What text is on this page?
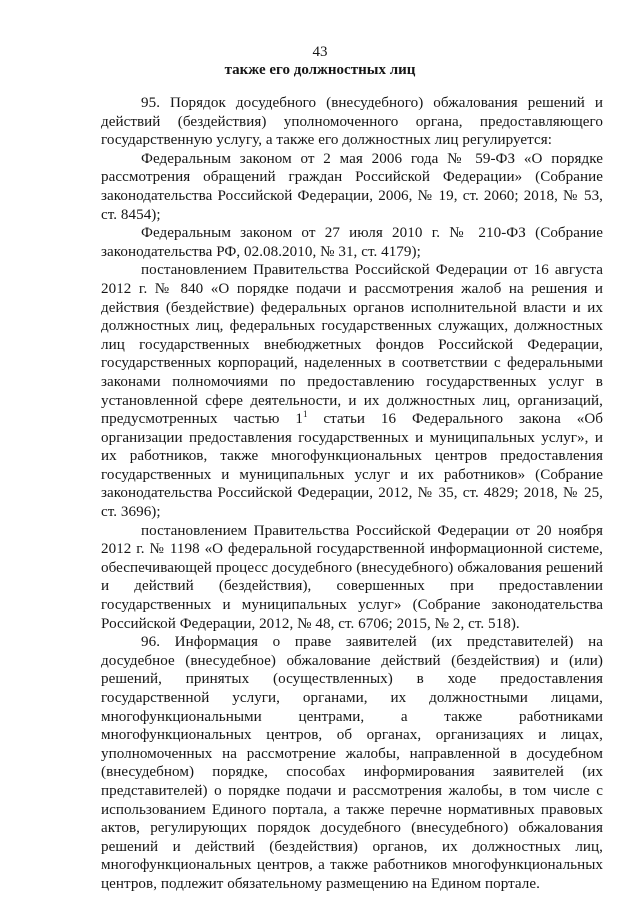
43
также его должностных лиц

95. Порядок досудебного (внесудебного) обжалования решений и действий (бездействия) уполномоченного органа, предоставляющего государственную услугу, а также его должностных лиц регулируется:

Федеральным законом от 2 мая 2006 года № 59-ФЗ «О порядке рассмотрения обращений граждан Российской Федерации» (Собрание законодательства Российской Федерации, 2006, № 19, ст. 2060; 2018, № 53, ст. 8454);

Федеральным законом от 27 июля 2010 г. № 210-ФЗ (Собрание законодательства РФ, 02.08.2010, № 31, ст. 4179);

постановлением Правительства Российской Федерации от 16 августа 2012 г. № 840 «О порядке подачи и рассмотрения жалоб на решения и действия (бездействие) федеральных органов исполнительной власти и их должностных лиц, федеральных государственных служащих, должностных лиц государственных внебюджетных фондов Российской Федерации, государственных корпораций, наделенных в соответствии с федеральными законами полномочиями по предоставлению государственных услуг в установленной сфере деятельности, и их должностных лиц, организаций, предусмотренных частью $1^1$ статьи 16 Федерального закона «Об организации предоставления государственных и муниципальных услуг», и их работников, также многофункциональных центров предоставления государственных и муниципальных услуг и их работников» (Собрание законодательства Российской Федерации, 2012, № 35, ст. 4829; 2018, № 25, ст. 3696);

постановлением Правительства Российской Федерации от 20 ноября 2012 г. № 1198 «О федеральной государственной информационной системе, обеспечивающей процесс досудебного (внесудебного) обжалования решений и действий (бездействия), совершенных при предоставлении государственных и муниципальных услуг» (Собрание законодательства Российской Федерации, 2012, № 48, ст. 6706; 2015, № 2, ст. 518).

96. Информация о праве заявителей (их представителей) на досудебное (внесудебное) обжалование действий (бездействия) и (или) решений, принятых (осуществленных) в ходе предоставления государственной услуги, органами, их должностными лицами, многофункциональными центрами, а также работниками многофункциональных центров, об органах, организациях и лицах, уполномоченных на рассмотрение жалобы, направленной в досудебном (внесудебном) порядке, способах информирования заявителей (их представителей) о порядке подачи и рассмотрения жалобы, в том числе с использованием Единого портала, а также перечне нормативных правовых актов, регулирующих порядок досудебного (внесудебного) обжалования решений и действий (бездействия) органов, их должностных лиц, многофункциональных центров, а также работников многофункциональных центров, подлежит обязательному размещению на Едином портале.
